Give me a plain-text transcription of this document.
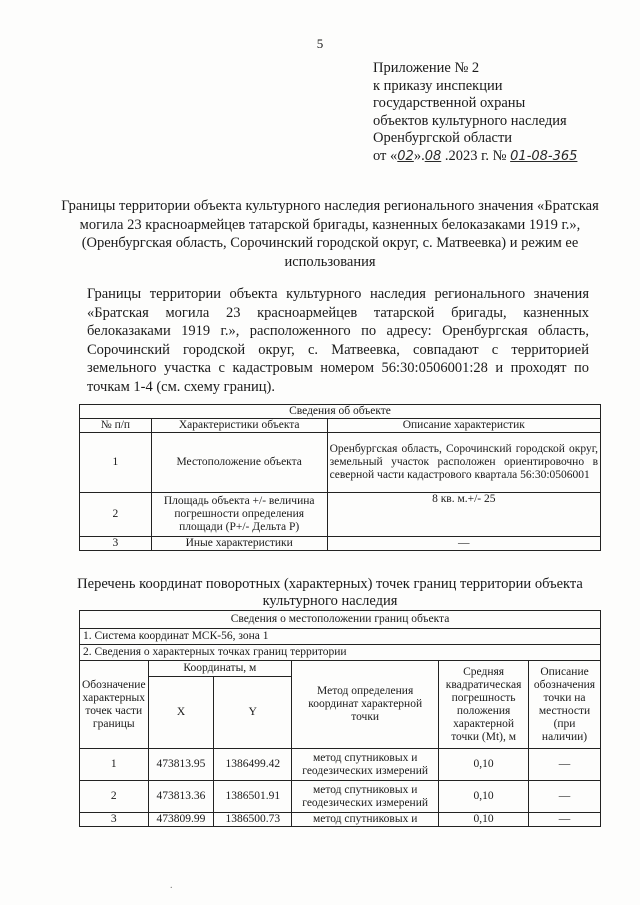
5
Приложение № 2
к приказу инспекции
государственной охраны
объектов культурного наследия
Оренбургской области
от «02».08 .2023 г. № 01-08-365
Границы территории объекта культурного наследия регионального значения «Братская могила 23 красноармейцев татарской бригады, казненных белоказаками 1919 г.», (Оренбургская область, Сорочинский городской округ, с. Матвеевка) и режим ее использования
Границы территории объекта культурного наследия регионального значения «Братская могила 23 красноармейцев татарской бригады, казненных белоказаками 1919 г.», расположенного по адресу: Оренбургская область, Сорочинский городской округ, с. Матвеевка, совпадают с территорией земельного участка с кадастровым номером 56:30:0506001:28 и проходят по точкам 1-4 (см. схему границ).
Сведения об объекте		
№ п/п	Характеристики объекта	Описание характеристик
1	Местоположение объекта	Оренбургская область, Сорочинский городской округ, земельный участок расположен ориентировочно в северной части кадастрового квартала 56:30:0506001
2	Площадь объекта +/- величина погрешности определения площади (P+/- Дельта P)	8 кв. м.+/- 25
3	Иные характеристики	—
Перечень координат поворотных (характерных) точек границ территории объекта культурного наследия
Сведения о местоположении границ объекта					
1. Система координат МСК-56, зона 1					
2. Сведения о характерных точках границ территории					
Обозначение характерных точек части границы	Координаты, м		Метод определения координат характерной точки	Средняя квадратическая погрешность положения характерной точки (Mt), м	Описание обозначения точки на местности (при наличии)
	X	Y			
1	473813.95	1386499.42	метод спутниковых и геодезических измерений	0,10	—
2	473813.36	1386501.91	метод спутниковых и геодезических измерений	0,10	—
3	473809.99	1386500.73	метод спутниковых и	0,10	—
.
